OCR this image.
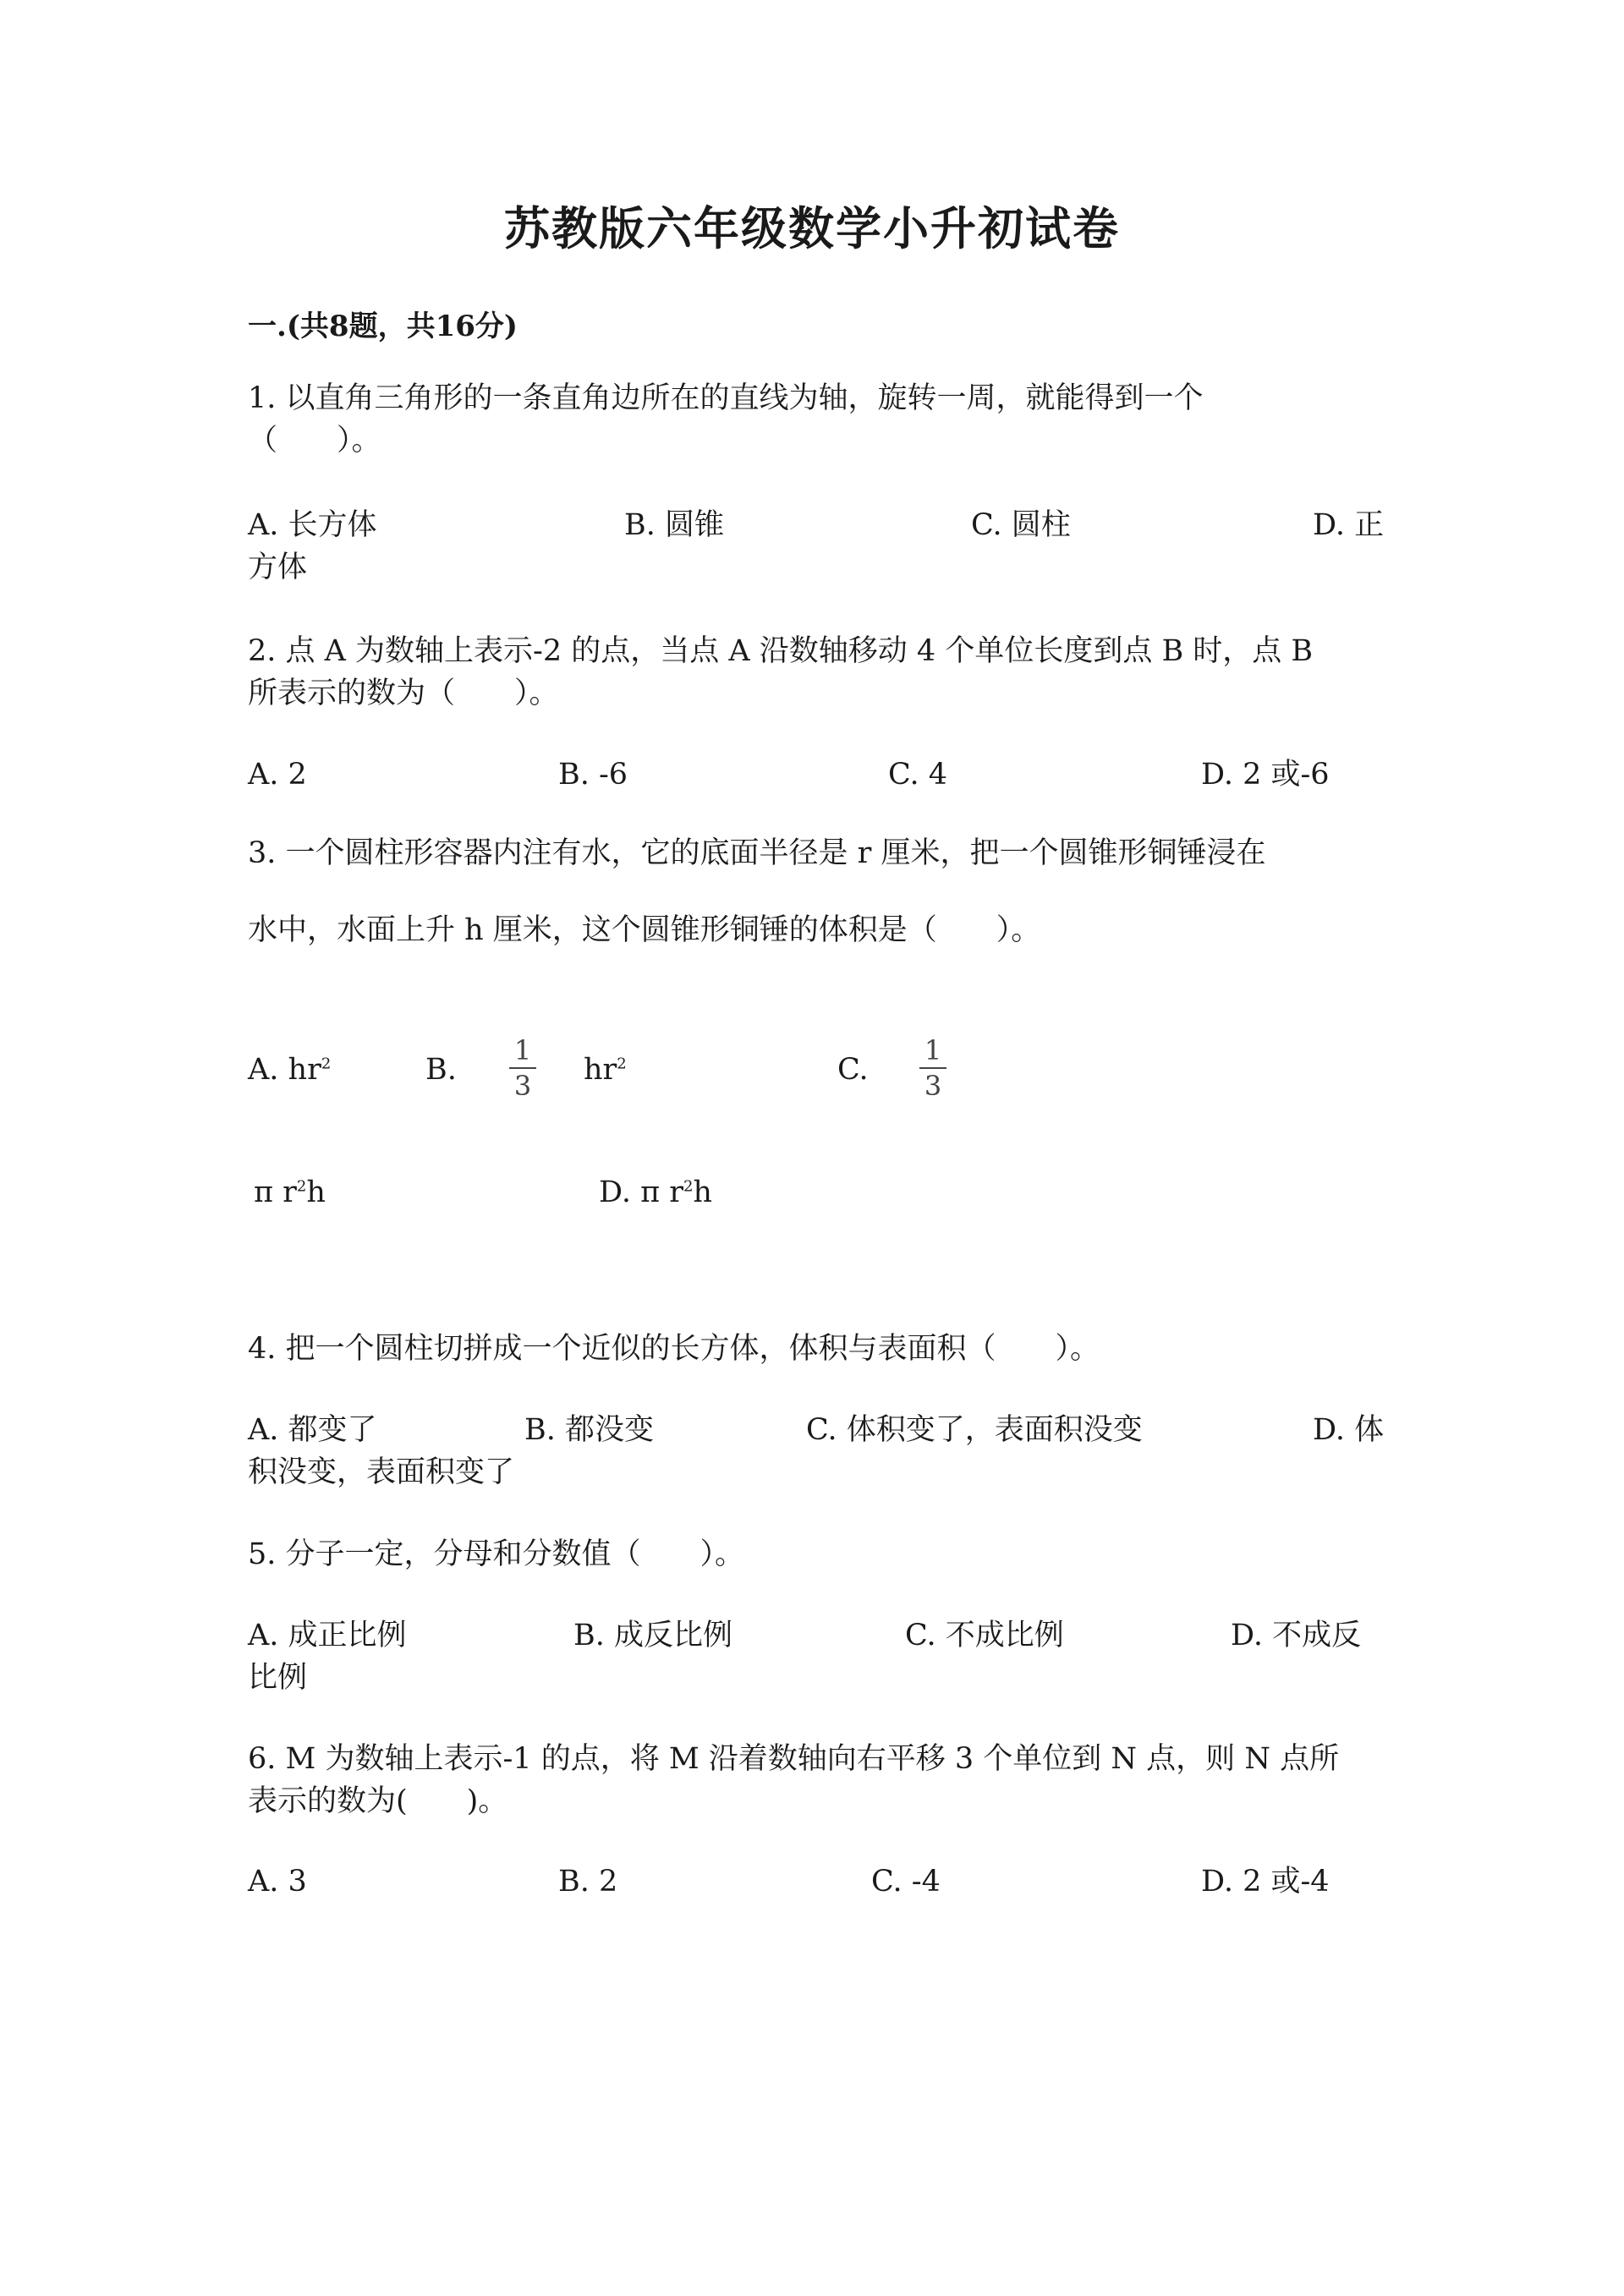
苏教版六年级数学小升初试卷
一.(共8题，共16分)
1. 以直角三角形的一条直角边所在的直线为轴，旋转一周，就能得到一个
（　　）。
A. 长方体	B. 圆锥	C. 圆柱	D. 正
方体
2. 点 A 为数轴上表示-2 的点，当点 A 沿数轴移动 4 个单位长度到点 B 时，点 B
所表示的数为（　　）。
A. 2	B. -6	C. 4	D. 2 或-6
3. 一个圆柱形容器内注有水，它的底面半径是 r 厘米，把一个圆锥形铜锤浸在
水中，水面上升 h 厘米，这个圆锥形铜锤的体积是（　　）。
A. $hr^2$	B.
1
3 $hr^2$	C.
1
3
π $r^2h$	D. π $r^2h$
4. 把一个圆柱切拼成一个近似的长方体，体积与表面积（　　）。
A. 都变了	B. 都没变	C. 体积变了，表面积没变	D. 体
积没变，表面积变了
5. 分子一定，分母和分数值（　　）。
A. 成正比例	B. 成反比例	C. 不成比例	D. 不成反
比例
6. M 为数轴上表示-1 的点，将 M 沿着数轴向右平移 3 个单位到 N 点，则 N 点所
表示的数为(　　)。
A. 3	B. 2	C. -4	D. 2 或-4
